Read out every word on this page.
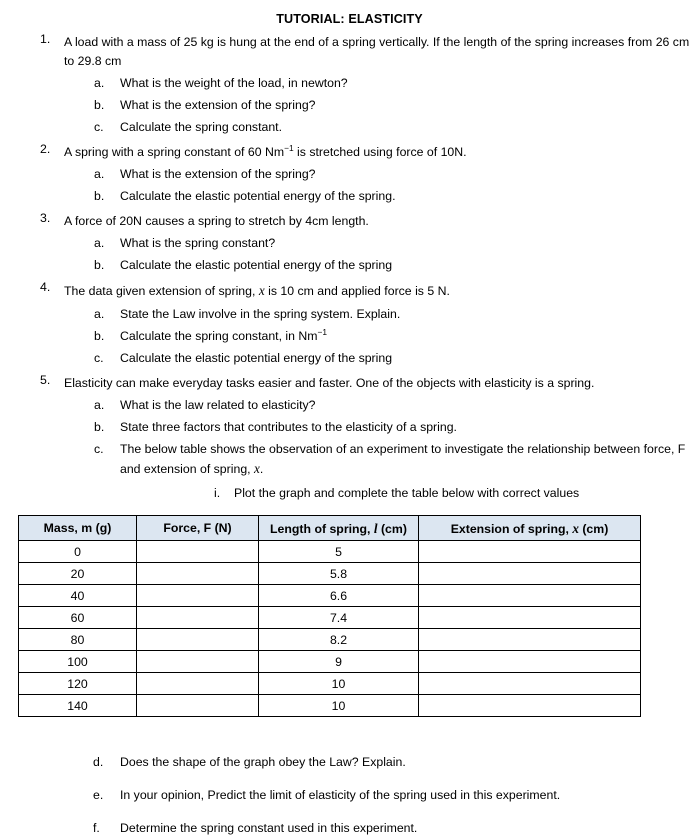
TUTORIAL: ELASTICITY
1.	A load with a mass of 25 kg is hung at the end of a spring vertically. If the length of the spring increases from 26 cm to 29.8 cm
a.	What is the weight of the load, in newton?
b.	What is the extension of the spring?
c.	Calculate the spring constant.
2.	A spring with a spring constant of 60 $Nm^{-1}$ is stretched using force of 10N.
a.	What is the extension of the spring?
b.	Calculate the elastic potential energy of the spring.
3.	A force of 20N causes a spring to stretch by 4cm length.
a.	What is the spring constant?
b.	Calculate the elastic potential energy of the spring
4.	The data given extension of spring, x is 10 cm and applied force is 5 N.
a.	State the Law involve in the spring system. Explain.
b.	Calculate the spring constant, in $Nm^{-1}$
c.	Calculate the elastic potential energy of the spring
5.	Elasticity can make everyday tasks easier and faster. One of the objects with elasticity is a spring.
a.	What is the law related to elasticity?
b.	State three factors that contributes to the elasticity of a spring.
c.	The below table shows the observation of an experiment to investigate the relationship between force, F and extension of spring, x.
i.	Plot the graph and complete the table below with correct values
Mass, m (g)	Force, F (N)	Length of spring, l (cm)	Extension of spring, x (cm)
0		5	
20		5.8	
40		6.6	
60		7.4	
80		8.2	
100		9	
120		10	
140		10	
d.	Does the shape of the graph obey the Law? Explain.
e.	In your opinion, Predict the limit of elasticity of the spring used in this experiment.
f.	Determine the spring constant used in this experiment.
